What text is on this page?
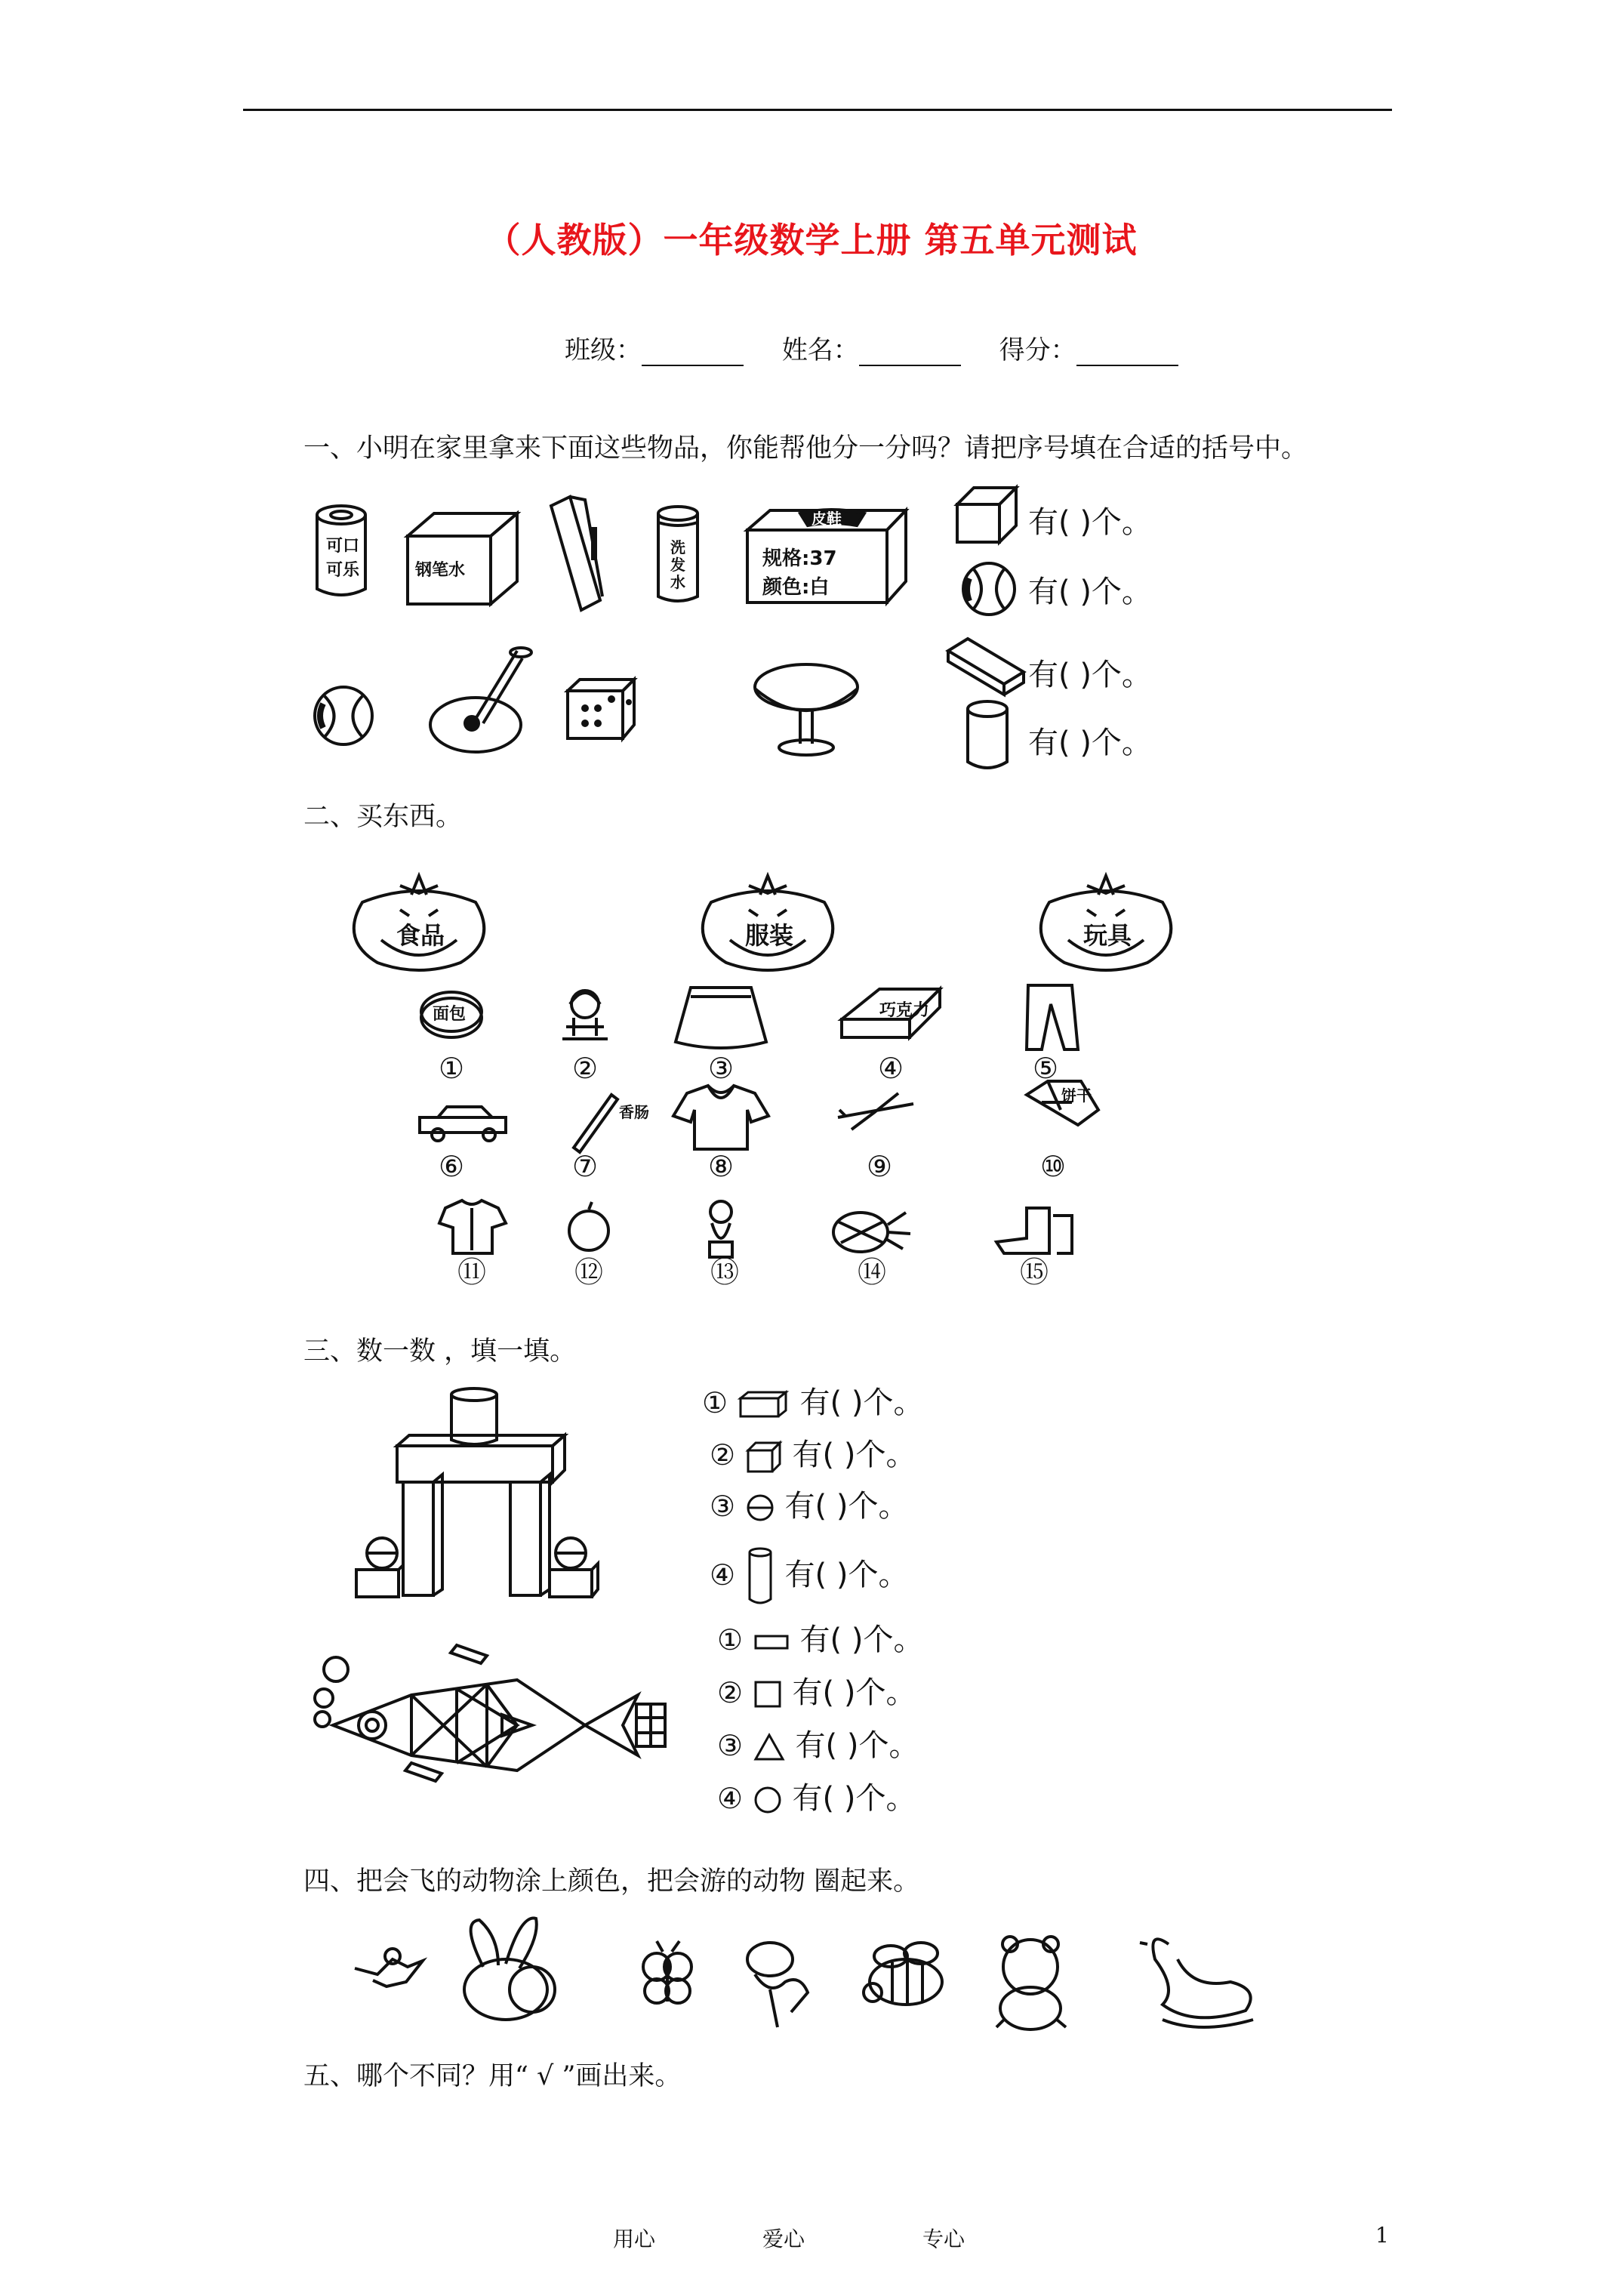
（人教版）一年级数学上册 第五单元测试
班级：	姓名：	得分：
一、小明在家里拿来下面这些物品，你能帮他分一分吗？请把序号填在合适的括号中。
可口
可乐	钢笔水
洗
发
水
皮鞋
规格:37
颜色:白
有( )个。
有( )个。
有( )个。
有( )个。
二、买东西。
食品	服装	玩具
面包	巧克力
香肠
饼干
①	②	③	④	⑤
⑥	⑦	⑧	⑨	⑩
⑪	⑫	⑬	⑭	⑮
三、数一数 ，填一填。
① 有( )个。
② 有( )个。
③ 有( )个。
④ 有( )个。
① 有( )个。
② 有( )个。
③ 有( )个。
④ 有( )个。
四、把会飞的动物涂上颜色，把会游的动物 圈起来。
五、哪个不同？用“ √ ”画出来。
用心	爱心	专心	1
